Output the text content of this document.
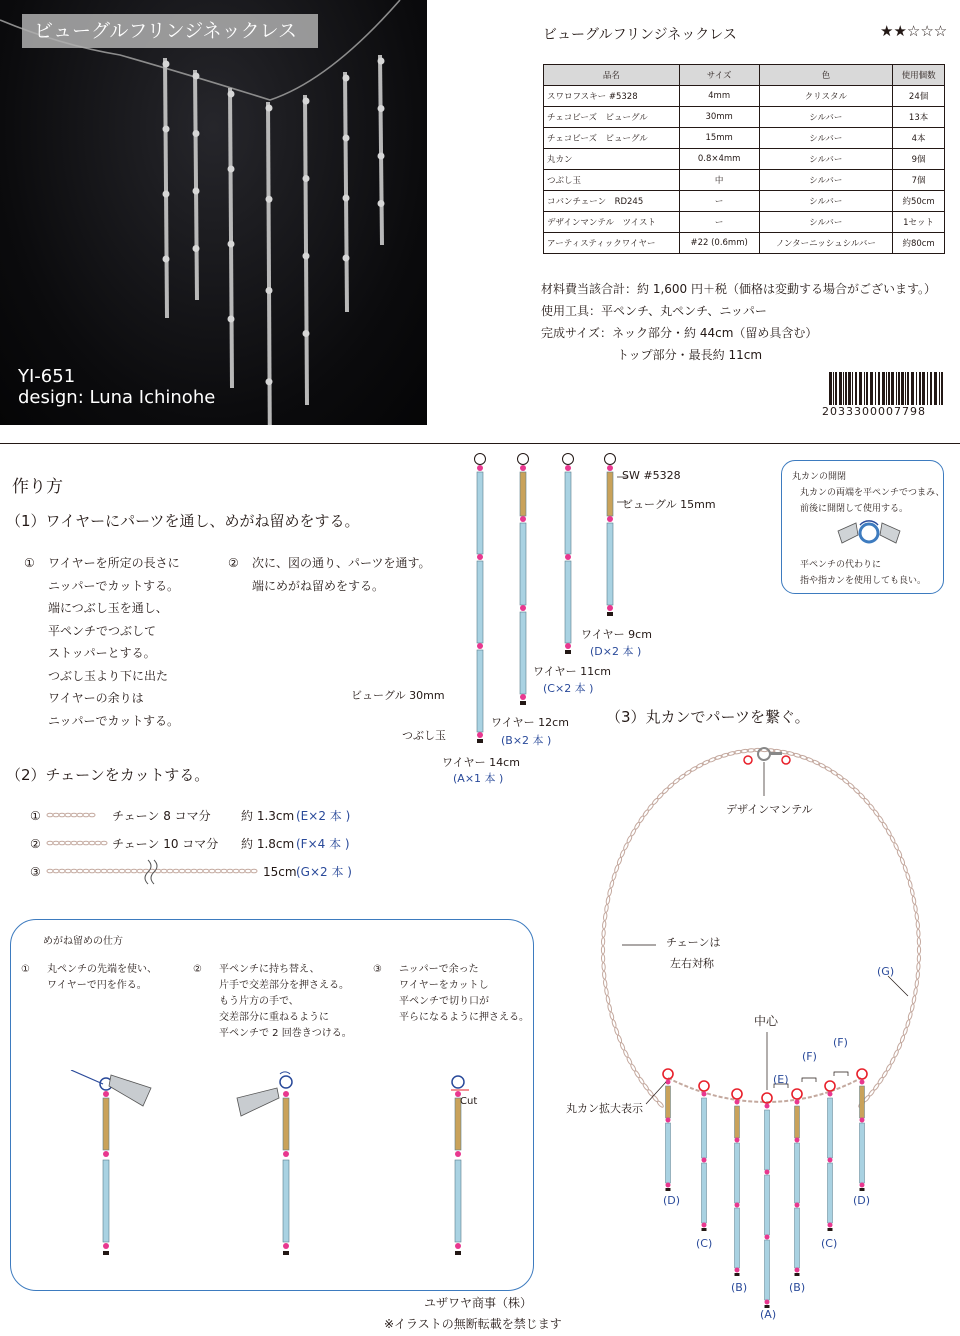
ビューグルフリンジネックレス
YI-651
design: Luna Ichinohe
ビューグルフリンジネックレス	★★☆☆☆
品名	サイズ	色	使用個数
スワロフスキー #5328	4mm	クリスタル	24個
チェコビーズ　ビューグル	30mm	シルバー	13本
チェコビーズ　ビューグル	15mm	シルバー	4本
丸カン	0.8×4mm	シルバー	9個
つぶし玉	中	シルバー	7個
コバンチェーン　RD245	ー	シルバー	約50cm
デザインマンテル　ツイスト	ー	シルバー	1セット
アーティスティックワイヤー	#22 (0.6mm)	ノンターニッシュシルバー	約80cm
材料費当該合計：約 1,600 円＋税（価格は変動する場合がございます。）
使用工具：平ペンチ、丸ペンチ、ニッパー
完成サイズ：ネック部分・約 44cm（留め具含む）
トップ部分・最長約 11cm
2033300007798
作り方
（1）ワイヤーにパーツを通し、めがね留めをする。
① ワイヤーを所定の長さに
ニッパーでカットする。
端につぶし玉を通し、
平ペンチでつぶして
ストッパーとする。
つぶし玉より下に出た
ワイヤーの余りは
ニッパーでカットする。
② 次に、図の通り、パーツを通す。
端にめがね留めをする。
（2）チェーンをカットする。
①
②
③
チェーン 8 コマ分	約 1.3cm (E×2 本 )
チェーン 10 コマ分 約 1.8cm (F×4 本 )
15cm (G×2 本 )
SW #5328
ビューグル 15mm
ビューグル 30mm
つぶし玉
ワイヤー 14cm
(A×1 本 )
ワイヤー 12cm
(B×2 本 )
ワイヤー 11cm
(C×2 本 )
ワイヤー 9cm
(D×2 本 )
丸カンの開閉
丸カンの両端を平ペンチでつまみ、
前後に開閉して使用する。
平ペンチの代わりに
指や指カンを使用しても良い。
めがね留めの仕方
① 丸ペンチの先端を使い、
ワイヤーで円を作る。
② 平ペンチに持ち替え、
片手で交差部分を押さえる。
もう片方の手で、
交差部分に重ねるように
平ペンチで 2 回巻きつける。
③ ニッパーで余った
ワイヤーをカットし
平ペンチで切り口が
平らになるように押さえる。
Cut
（3）丸カンでパーツを繋ぐ。
デザインマンテル
チェーンは
左右対称
(G)
中心
(E)
(F)
(F)
丸カン拡大表示
(D)
(C)
(B)
(A)
(B)
(C)
(D)
ユザワヤ商事（株）
※イラストの無断転載を禁じます
